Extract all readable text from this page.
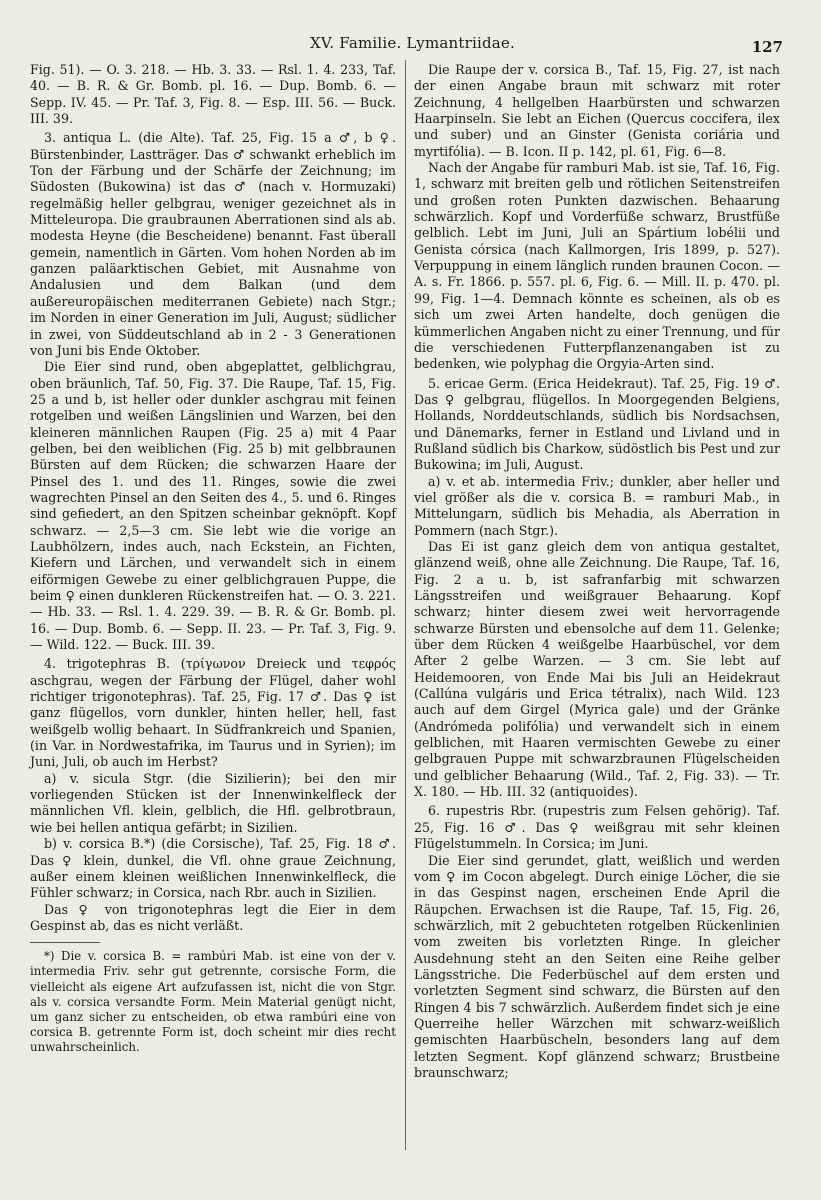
XV. Familie. Lymantriidae.	127

Fig. 51). — O. 3. 218. — Hb. 3. 33. — Rsl. 1. 4. 233, Taf. 40. — B. R. & Gr. Bomb. pl. 16. — Dup. Bomb. 6. — Sepp. IV. 45. — Pr. Taf. 3, Fig. 8. — Esp. III. 56. — Buck. III. 39.

3. antiqua L. (die Alte). Taf. 25, Fig. 15 a ♂, b ♀. Bürstenbinder, Lastträger. Das ♂ schwankt erheblich im Ton der Färbung und der Schärfe der Zeichnung; im Südosten (Bukowina) ist das ♂ (nach v. Hormuzaki) regelmäßig heller gelbgrau, weniger gezeichnet als in Mitteleuropa. Die graubraunen Aberrationen sind als ab. modesta Heyne (die Bescheidene) benannt. Fast überall gemein, namentlich in Gärten. Vom hohen Norden ab im ganzen paläarktischen Gebiet, mit Ausnahme von Andalusien und dem Balkan (und dem außereuropäischen mediterranen Gebiete) nach Stgr.; im Norden in einer Generation im Juli, August; südlicher in zwei, von Süddeutschland ab in 2 - 3 Generationen von Juni bis Ende Oktober.

Die Eier sind rund, oben abgeplattet, gelblichgrau, oben bräunlich, Taf. 50, Fig. 37. Die Raupe, Taf. 15, Fig. 25 a und b, ist heller oder dunkler aschgrau mit feinen rotgelben und weißen Längslinien und Warzen, bei den kleineren männlichen Raupen (Fig. 25 a) mit 4 Paar gelben, bei den weiblichen (Fig. 25 b) mit gelbbraunen Bürsten auf dem Rücken; die schwarzen Haare der Pinsel des 1. und des 11. Ringes, sowie die zwei wagrechten Pinsel an den Seiten des 4., 5. und 6. Ringes sind gefiedert, an den Spitzen scheinbar geknöpft. Kopf schwarz. — 2,5—3 cm. Sie lebt wie die vorige an Laubhölzern, indes auch, nach Eckstein, an Fichten, Kiefern und Lärchen, und verwandelt sich in einem eiförmigen Gewebe zu einer gelblichgrauen Puppe, die beim ♀ einen dunkleren Rückenstreifen hat. — O. 3. 221. — Hb. 33. — Rsl. 1. 4. 229. 39. — B. R. & Gr. Bomb. pl. 16. — Dup. Bomb. 6. — Sepp. II. 23. — Pr. Taf. 3, Fig. 9. — Wild. 122. — Buck. III. 39.

4. trigotephras B. (τρίγωνον Dreieck und τεφρός aschgrau, wegen der Färbung der Flügel, daher wohl richtiger trigonotephras). Taf. 25, Fig. 17 ♂. Das ♀ ist ganz flügellos, vorn dunkler, hinten heller, hell, fast weißgelb wollig behaart. In Südfrankreich und Spanien, (in Var. in Nordwestafrika, im Taurus und in Syrien); im Juni, Juli, ob auch im Herbst?

a) v. sicula Stgr. (die Sizilierin); bei den mir vorliegenden Stücken ist der Innenwinkelfleck der männlichen Vfl. klein, gelblich, die Hfl. gelbrotbraun, wie bei hellen antiqua gefärbt; in Sizilien.

b) v. corsica B.*) (die Corsische), Taf. 25, Fig. 18 ♂. Das ♀ klein, dunkel, die Vfl. ohne graue Zeichnung, außer einem kleinen weißlichen Innenwinkelfleck, die Fühler schwarz; in Corsica, nach Rbr. auch in Sizilien.

Das ♀ von trigonotephras legt die Eier in dem Gespinst ab, das es nicht verläßt.

*) Die v. corsica B. = rambúri Mab. ist eine von der v. intermedia Friv. sehr gut getrennte, corsische Form, die vielleicht als eigene Art aufzufassen ist, nicht die von Stgr. als v. corsica versandte Form. Mein Material genügt nicht, um ganz sicher zu entscheiden, ob etwa rambúri eine von corsica B. getrennte Form ist, doch scheint mir dies recht unwahrscheinlich.

Die Raupe der v. corsica B., Taf. 15, Fig. 27, ist nach der einen Angabe braun mit schwarz mit roter Zeichnung, 4 hellgelben Haarbürsten und schwarzen Haarpinseln. Sie lebt an Eichen (Quercus coccifera, ilex und suber) und an Ginster (Genista coriária und myrtifólia). — B. Icon. II p. 142, pl. 61, Fig. 6—8.

Nach der Angabe für ramburi Mab. ist sie, Taf. 16, Fig. 1, schwarz mit breiten gelb und rötlichen Seitenstreifen und großen roten Punkten dazwischen. Behaarung schwärzlich. Kopf und Vorderfüße schwarz, Brustfüße gelblich. Lebt im Juni, Juli an Spártium lobélii und Genista córsica (nach Kallmorgen, Iris 1899, p. 527). Verpuppung in einem länglich runden braunen Cocon. — A. s. Fr. 1866. p. 557. pl. 6, Fig. 6. — Mill. II. p. 470. pl. 99, Fig. 1—4. Demnach könnte es scheinen, als ob es sich um zwei Arten handelte, doch genügen die kümmerlichen Angaben nicht zu einer Trennung, und für die verschiedenen Futterpflanzenangaben ist zu bedenken, wie polyphag die Orgyia-Arten sind.

5. ericae Germ. (Erica Heidekraut). Taf. 25, Fig. 19 ♂. Das ♀ gelbgrau, flügellos. In Moorgegenden Belgiens, Hollands, Norddeutschlands, südlich bis Nordsachsen, und Dänemarks, ferner in Estland und Livland und in Rußland südlich bis Charkow, südöstlich bis Pest und zur Bukowina; im Juli, August.

a) v. et ab. intermedia Friv.; dunkler, aber heller und viel größer als die v. corsica B. = ramburi Mab., in Mittelungarn, südlich bis Mehadia, als Aberration in Pommern (nach Stgr.).

Das Ei ist ganz gleich dem von antiqua gestaltet, glänzend weiß, ohne alle Zeichnung. Die Raupe, Taf. 16, Fig. 2 a u. b, ist safranfarbig mit schwarzen Längsstreifen und weißgrauer Behaarung. Kopf schwarz; hinter diesem zwei weit hervorragende schwarze Bürsten und ebensolche auf dem 11. Gelenke; über dem Rücken 4 weißgelbe Haarbüschel, vor dem After 2 gelbe Warzen. — 3 cm. Sie lebt auf Heidemooren, von Ende Mai bis Juli an Heidekraut (Callúna vulgáris und Erica tétralix), nach Wild. 123 auch auf dem Girgel (Myrica gale) und der Gränke (Andrómeda polifólia) und verwandelt sich in einem gelblichen, mit Haaren vermischten Gewebe zu einer gelbgrauen Puppe mit schwarzbraunen Flügelscheiden und gelblicher Behaarung (Wild., Taf. 2, Fig. 33). — Tr. X. 180. — Hb. III. 32 (antiquoides).

6. rupestris Rbr. (rupestris zum Felsen gehörig). Taf. 25, Fig. 16 ♂. Das ♀ weißgrau mit sehr kleinen Flügelstummeln. In Corsica; im Juni.

Die Eier sind gerundet, glatt, weißlich und werden vom ♀ im Cocon abgelegt. Durch einige Löcher, die sie in das Gespinst nagen, erscheinen Ende April die Räupchen. Erwachsen ist die Raupe, Taf. 15, Fig. 26, schwärzlich, mit 2 gebuchteten rotgelben Rückenlinien vom zweiten bis vorletzten Ringe. In gleicher Ausdehnung steht an den Seiten eine Reihe gelber Längsstriche. Die Federbüschel auf dem ersten und vorletzten Segment sind schwarz, die Bürsten auf den Ringen 4 bis 7 schwärzlich. Außerdem findet sich je eine Querreihe heller Wärzchen mit schwarz-weißlich gemischten Haarbüscheln, besonders lang auf dem letzten Segment. Kopf glänzend schwarz; Brustbeine braunschwarz;
